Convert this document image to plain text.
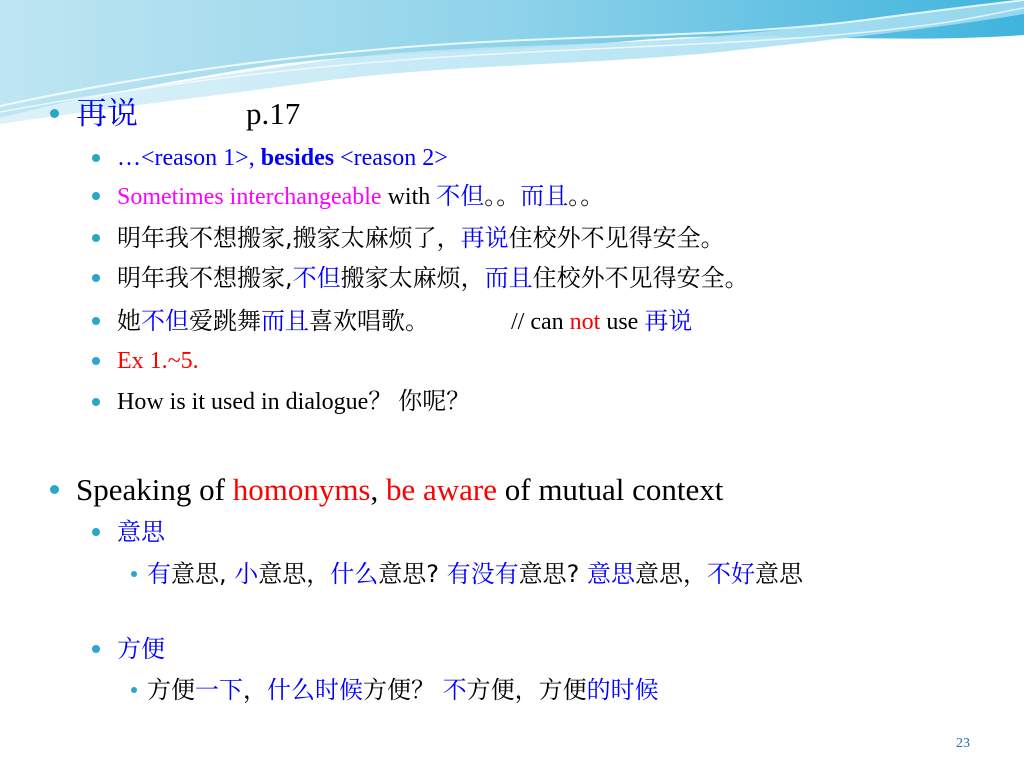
再说	p.17
…<reason 1>, besides <reason 2>
Sometimes interchangeable with 不但。。而且。。
明年我不想搬家,搬家太麻烦了，再说住校外不见得安全。
明年我不想搬家,不但搬家太麻烦，而且住校外不见得安全。
她不但爱跳舞而且喜欢唱歌。	// can not use 再说
Ex 1.~5.
How is it used in dialogue？ 你呢？
Speaking of homonyms, be aware of mutual context
意思
有意思, 小意思，什么意思? 有没有意思? 意思意思，不好意思
方便
方便一下，什么时候方便？ 不方便，方便的时候
23
